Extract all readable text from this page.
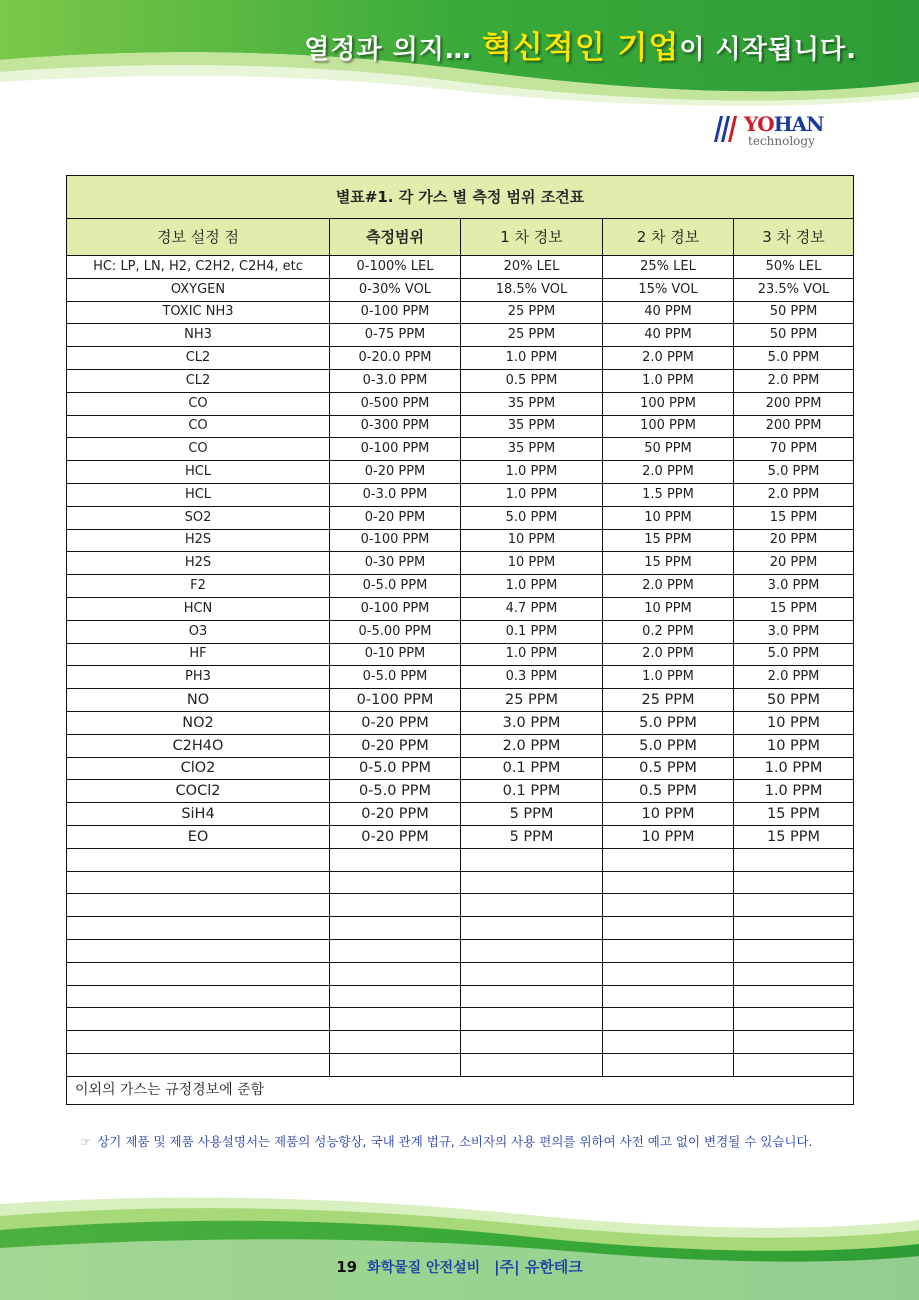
열정과 의지… 혁신적인 기업이 시작됩니다.
YOHAN
technology
별표#1. 각 가스 별 측정 범위 조견표				
경보 설정 점	측정범위	1 차 경보	2 차 경보	3 차 경보
HC: LP, LN, H2, C2H2, C2H4, etc	0-100% LEL	20% LEL	25% LEL	50% LEL
OXYGEN	0-30% VOL	18.5% VOL	15% VOL	23.5% VOL
TOXIC NH3	0-100 PPM	25 PPM	40 PPM	50 PPM
NH3	0-75 PPM	25 PPM	40 PPM	50 PPM
CL2	0-20.0 PPM	1.0 PPM	2.0 PPM	5.0 PPM
CL2	0-3.0 PPM	0.5 PPM	1.0 PPM	2.0 PPM
CO	0-500 PPM	35 PPM	100 PPM	200 PPM
CO	0-300 PPM	35 PPM	100 PPM	200 PPM
CO	0-100 PPM	35 PPM	50 PPM	70 PPM
HCL	0-20 PPM	1.0 PPM	2.0 PPM	5.0 PPM
HCL	0-3.0 PPM	1.0 PPM	1.5 PPM	2.0 PPM
SO2	0-20 PPM	5.0 PPM	10 PPM	15 PPM
H2S	0-100 PPM	10 PPM	15 PPM	20 PPM
H2S	0-30 PPM	10 PPM	15 PPM	20 PPM
F2	0-5.0 PPM	1.0 PPM	2.0 PPM	3.0 PPM
HCN	0-100 PPM	4.7 PPM	10 PPM	15 PPM
O3	0-5.00 PPM	0.1 PPM	0.2 PPM	3.0 PPM
HF	0-10 PPM	1.0 PPM	2.0 PPM	5.0 PPM
PH3	0-5.0 PPM	0.3 PPM	1.0 PPM	2.0 PPM
NO	0-100 PPM	25 PPM	25 PPM	50 PPM
NO2	0-20 PPM	3.0 PPM	5.0 PPM	10 PPM
C2H4O	0-20 PPM	2.0 PPM	5.0 PPM	10 PPM
ClO2	0-5.0 PPM	0.1 PPM	0.5 PPM	1.0 PPM
COCl2	0-5.0 PPM	0.1 PPM	0.5 PPM	1.0 PPM
SiH4	0-20 PPM	5 PPM	10 PPM	15 PPM
EO	0-20 PPM	5 PPM	10 PPM	15 PPM

이외의 가스는 규정경보에 준함				
☞ 상기 제품 및 제품 사용설명서는 제품의 성능향상, 국내 관계 법규, 소비자의 사용 편의를 위하여 사전 예고 없이 변경될 수 있습니다.
19 화학물질 안전설비 |주| 유한테크
